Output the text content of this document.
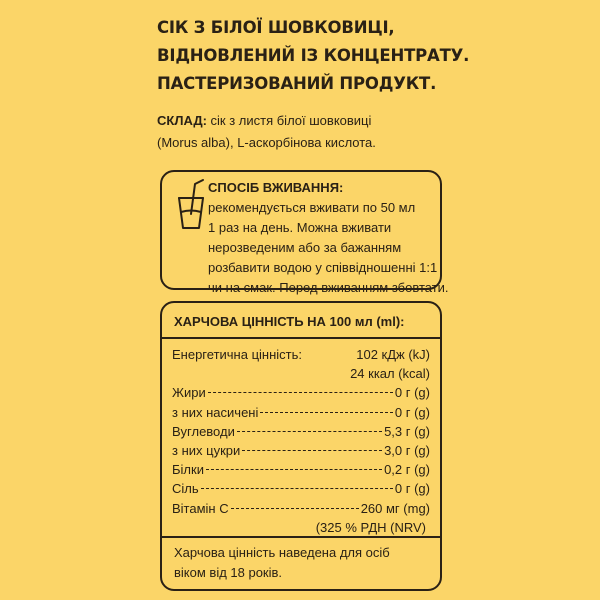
СІК З БІЛОЇ ШОВКОВИЦІ,
ВІДНОВЛЕНИЙ ІЗ КОНЦЕНТРАТУ.
ПАСТЕРИЗОВАНИЙ ПРОДУКТ.
СКЛАД: сік з листя білої шовковиці
(Morus alba), L-аскорбінова кислота.
СПОСІБ ВЖИВАННЯ:
рекомендується вживати по 50 мл
1 раз на день. Можна вживати
нерозведеним або за бажанням
розбавити водою у співвідношенні 1:1
чи на смак. Перед вживанням збовтати.
ХАРЧОВА ЦІННІСТЬ НА 100 мл (ml):
Енергетична цінність:	102 кДж (kJ)
24 ккал (kcal)
Жири	0 г (g)
з них насичені	0 г (g)
Вуглеводи	5,3 г (g)
з них цукри	3,0 г (g)
Білки	0,2 г (g)
Сіль	0 г (g)
Вітамін С	260 мг (mg)
(325 % РДН (NRV)
Харчова цінність наведена для осіб
віком від 18 років.
